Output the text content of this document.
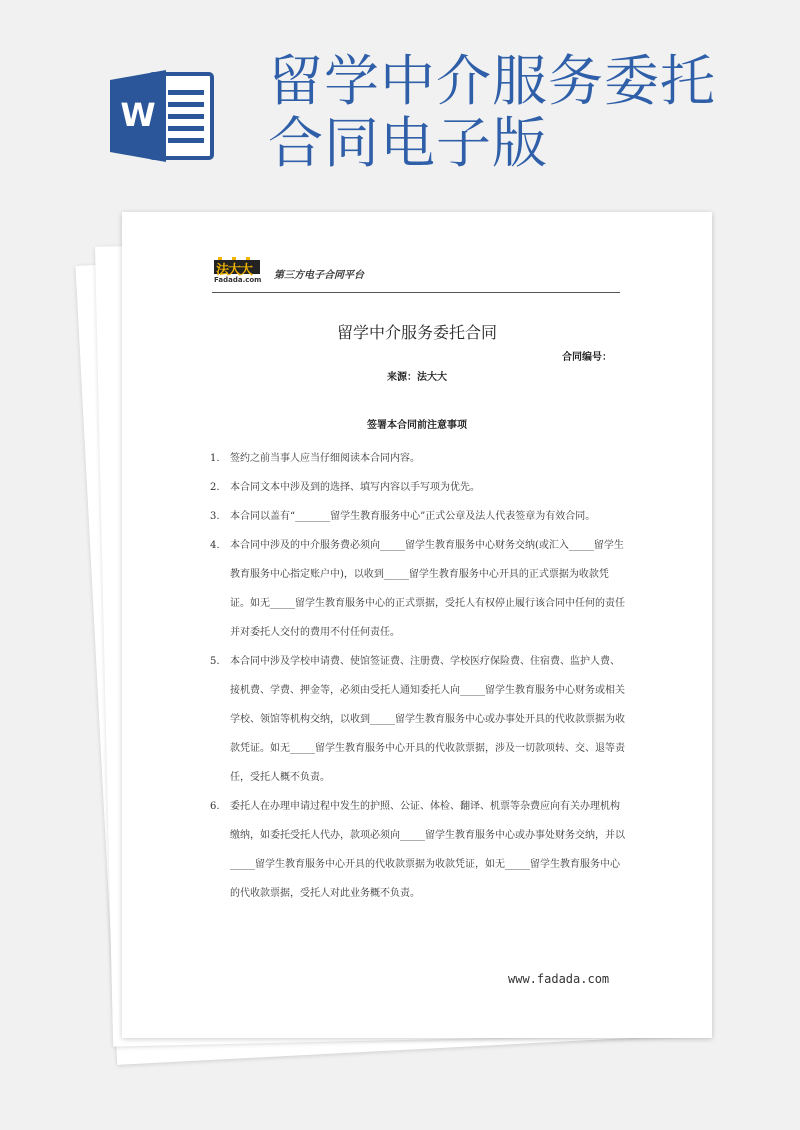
W
留学中介服务委托
合同电子版
法大大
Fadada.com 第三方电子合同平台
留学中介服务委托合同
合同编号：
来源：法大大
签署本合同前注意事项

1. 签约之前当事人应当仔细阅读本合同内容。

2. 本合同文本中涉及到的选择、填写内容以手写项为优先。

3. 本合同以盖有“_______留学生教育服务中心”正式公章及法人代表签章为有效合同。

4. 本合同中涉及的中介服务费必须向_____留学生教育服务中心财务交纳(或汇入_____留学生教育服务中心指定账户中)，以收到_____留学生教育服务中心开具的正式票据为收款凭证。如无_____留学生教育服务中心的正式票据，受托人有权停止履行该合同中任何的责任并对委托人交付的费用不付任何责任。

5. 本合同中涉及学校申请费、使馆签证费、注册费、学校医疗保险费、住宿费、监护人费、接机费、学费、押金等，必须由受托人通知委托人向_____留学生教育服务中心财务或相关学校、领馆等机构交纳，以收到_____留学生教育服务中心或办事处开具的代收款票据为收款凭证。如无_____留学生教育服务中心开具的代收款票据，涉及一切款项转、交、退等责任，受托人概不负责。

6. 委托人在办理申请过程中发生的护照、公证、体检、翻译、机票等杂费应向有关办理机构缴纳，如委托受托人代办，款项必须向_____留学生教育服务中心或办事处财务交纳，并以_____留学生教育服务中心开具的代收款票据为收款凭证，如无_____留学生教育服务中心的代收款票据，受托人对此业务概不负责。

www.fadada.com
